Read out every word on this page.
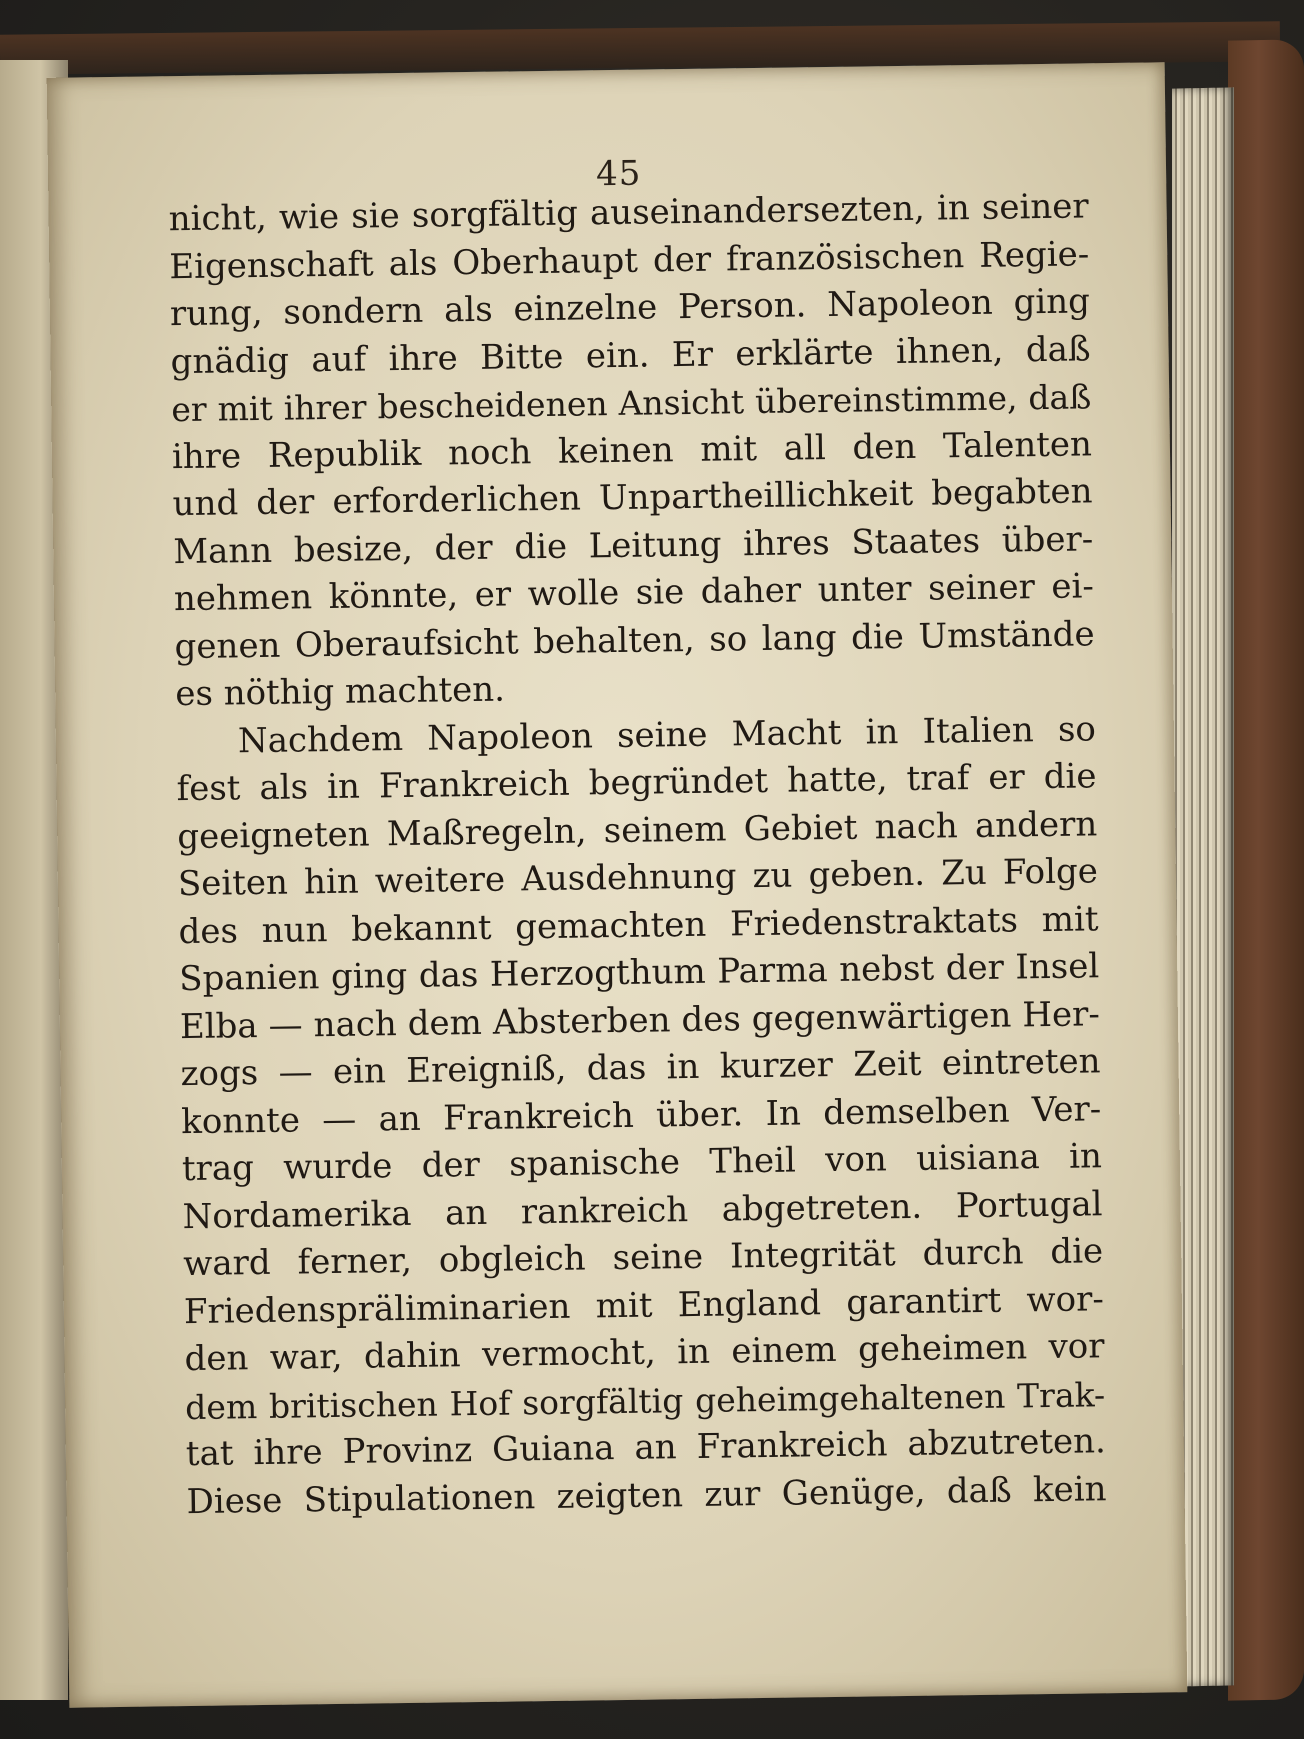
45
nicht, wie sie sorgfältig auseinandersezten, in seiner
Eigenschaft als Oberhaupt der französischen Regie-
rung, sondern als einzelne Person. Napoleon ging
gnädig auf ihre Bitte ein. Er erklärte ihnen, daß
er mit ihrer bescheidenen Ansicht übereinstimme, daß
ihre Republik noch keinen mit all den Talenten
und der erforderlichen Unpartheillichkeit begabten
Mann besize, der die Leitung ihres Staates über-
nehmen könnte, er wolle sie daher unter seiner ei-
genen Oberaufsicht behalten, so lang die Umstände
es nöthig machten.
Nachdem Napoleon seine Macht in Italien so
fest als in Frankreich begründet hatte, traf er die
geeigneten Maßregeln, seinem Gebiet nach andern
Seiten hin weitere Ausdehnung zu geben. Zu Folge
des nun bekannt gemachten Friedenstraktats mit
Spanien ging das Herzogthum Parma nebst der Insel
Elba — nach dem Absterben des gegenwärtigen Her-
zogs — ein Ereigniß, das in kurzer Zeit eintreten
konnte — an Frankreich über. In demselben Ver-
trag wurde der spanische Theil von uisiana in
Nordamerika an rankreich abgetreten. Portugal
ward ferner, obgleich seine Integrität durch die
Friedenspräliminarien mit England garantirt wor-
den war, dahin vermocht, in einem geheimen vor
dem britischen Hof sorgfältig geheimgehaltenen Trak-
tat ihre Provinz Guiana an Frankreich abzutreten.
Diese Stipulationen zeigten zur Genüge, daß kein
